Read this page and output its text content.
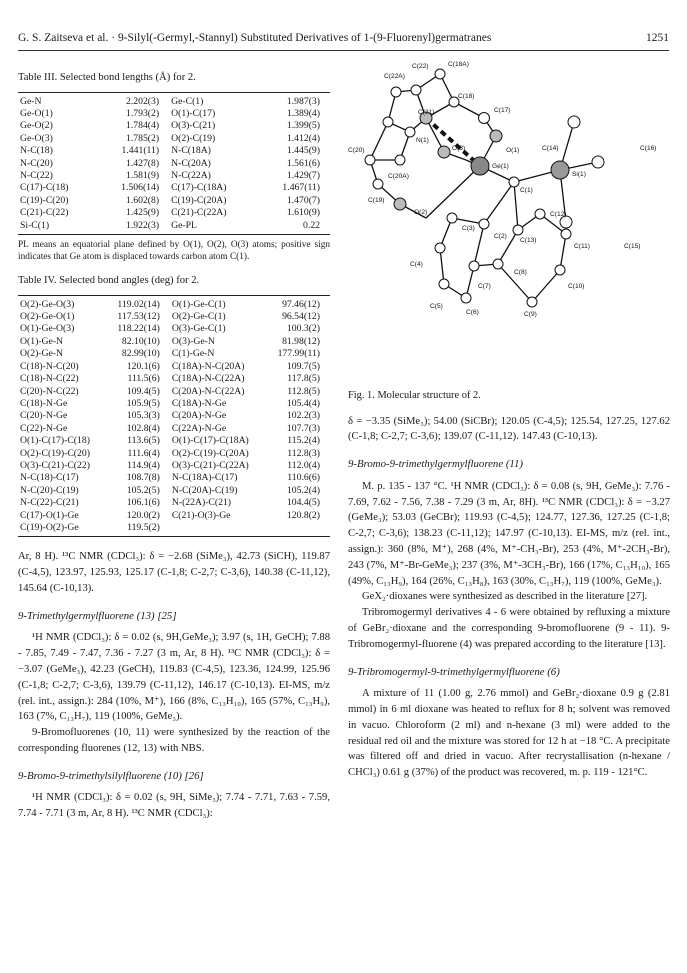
G. S. Zaitseva et al. · 9-Silyl(-Germyl,-Stannyl) Substituted Derivatives of 1-(9-Fluorenyl)germatranes	1251
Table III. Selected bond lengths (Å) for 2.
Ge-N	2.202(3)	Ge-C(1)	1.987(3)
Ge-O(1)	1.793(2)	O(1)-C(17)	1.389(4)
Ge-O(2)	1.784(4)	O(3)-C(21)	1.399(5)
Ge-O(3)	1.785(2)	O(2)-C(19)	1.412(4)
N-C(18)	1.441(11)	N-C(18A)	1.445(9)
N-C(20)	1.427(8)	N-C(20A)	1.561(6)
N-C(22)	1.581(9)	N-C(22A)	1.429(7)
C(17)-C(18)	1.506(14)	C(17)-C(18A)	1.467(11)
C(19)-C(20)	1.602(8)	C(19)-C(20A)	1.470(7)
C(21)-C(22)	1.425(9)	C(21)-C(22A)	1.610(9)
Si-C(1)	1.922(3)	Ge-PL	0.22
PL means an equatorial plane defined by O(1), O(2), O(3) atoms; positive sign indicates that Ge atom is displaced towards carbon atom C(1).
Table IV. Selected bond angles (deg) for 2.
O(2)-Ge-O(3)	119.02(14)	O(1)-Ge-C(1)	97.46(12)
O(2)-Ge-O(1)	117.53(12)	O(2)-Ge-C(1)	96.54(12)
O(1)-Ge-O(3)	118.22(14)	O(3)-Ge-C(1)	100.3(2)
O(1)-Ge-N	82.10(10)	O(3)-Ge-N	81.98(12)
O(2)-Ge-N	82.99(10)	C(1)-Ge-N	177.99(11)
C(18)-N-C(20)	120.1(6)	C(18A)-N-C(20A)	109.7(5)
C(18)-N-C(22)	111.5(6)	C(18A)-N-C(22A)	117.8(5)
C(20)-N-C(22)	109.4(5)	C(20A)-N-C(22A)	112.8(5)
C(18)-N-Ge	105.9(5)	C(18A)-N-Ge	105.4(4)
C(20)-N-Ge	105.3(3)	C(20A)-N-Ge	102.2(3)
C(22)-N-Ge	102.8(4)	C(22A)-N-Ge	107.7(3)
O(1)-C(17)-C(18)	113.6(5)	O(1)-C(17)-C(18A)	115.2(4)
O(2)-C(19)-C(20)	111.6(4)	O(2)-C(19)-C(20A)	112.8(3)
O(3)-C(21)-C(22)	114.9(4)	O(3)-C(21)-C(22A)	112.0(4)
N-C(18)-C(17)	108.7(8)	N-C(18A)-C(17)	110.6(6)
N-C(20)-C(19)	105.2(5)	N-C(20A)-C(19)	105.2(4)
N-C(22)-C(21)	106.1(6)	N-(22A)-C(21)	104.4(5)
C(17)-O(1)-Ge	120.0(2)	C(21)-O(3)-Ge	120.8(2)
C(19)-O(2)-Ge	119.5(2)		

Ar, 8 H). ¹³C NMR (CDCl₃): δ = −2.68 (SiMe₃), 42.73 (SiCH), 119.87 (C-4,5), 123.97, 125.93, 125.17 (C-1,8; C-2,7; C-3,6), 140.38 (C-11,12), 145.64 (C-10,13).

9-Trimethylgermylfluorene (13) [25]

¹H NMR (CDCl₃): δ = 0.02 (s, 9H,GeMe₃); 3.97 (s, 1H, GeCH); 7.88 - 7.85, 7.49 - 7.47, 7.36 - 7.27 (3 m, Ar, 8 H). ¹³C NMR (CDCl₃): δ = −3.07 (GeMe₃), 42.23 (GeCH), 119.83 (C-4,5), 123.36, 124.99, 125.96 (C-1,8; C-2,7; C-3,6), 139.79 (C-11,12), 146.17 (C-10,13). EI-MS, m/z (rel. int., assign.): 284 (10%, M⁺), 166 (8%, C₁₃H₁₀), 165 (57%, C₁₃H₉), 163 (7%, C₁₃H₇), 119 (100%, GeMe₃).

9-Bromofluorenes (10, 11) were synthesized by the reaction of the corresponding fluorenes (12, 13) with NBS.

9-Bromo-9-trimethylsilylfluorene (10) [26]

¹H NMR (CDCl₃): δ = 0.02 (s, 9H, SiMe₃); 7.74 - 7.71, 7.63 - 7.59, 7.74 - 7.71 (3 m, Ar, 8 H). ¹³C NMR (CDCl₃):

C(22)
C(22A)
C(18A)
C(21)
C(18)
C(17)
C(20)
N(1)
O(3)	O(1)	C(14)	C(16)
C(20A)
Ge(1)
Si(1)
C(19)
O(2)
C(1)
C(3)
C(12)
C(15)
C(2)
C(13)
C(11)
C(4)
C(8)
C(7)	C(10)
C(5)
C(6)	C(9)
Fig. 1. Molecular structure of 2.

δ = −3.35 (SiMe₃); 54.00 (SiCBr); 120.05 (C-4,5); 125.54, 127.25, 127.62 (C-1,8; C-2,7; C-3,6); 139.07 (C-11,12). 147.43 (C-10,13).

9-Bromo-9-trimethylgermylfluorene (11)

M. p. 135 - 137 °C. ¹H NMR (CDCl₃): δ = 0.08 (s, 9H, GeMe₃): 7.76 - 7.69, 7.62 - 7.56, 7.38 - 7.29 (3 m, Ar, 8H). ¹³C NMR (CDCl₃): δ = −3.27 (GeMe₃); 53.03 (GeCBr); 119.93 (C-4,5); 124.77, 127.36, 127.25 (C-1,8; C-2,7; C-3,6); 138.23 (C-11,12); 147.97 (C-10,13). EI-MS, m/z (rel. int., assign.): 360 (8%, M⁺), 268 (4%, M⁺-CH₃-Br), 253 (4%, M⁺-2CH₃-Br), 243 (7%, M⁺-Br-GeMe₃); 237 (3%, M⁺-3CH₃-Br), 166 (17%, C₁₃H₁₀), 165 (49%, C₁₃H₉), 164 (26%, C₁₃H₈), 163 (30%, C₁₃H₇), 119 (100%, GeMe₃).

GeX₂·dioxanes were synthesized as described in the literature [27].

Tribromogermyl derivatives 4 - 6 were obtained by refluxing a mixture of GeBr₂·dioxane and the corresponding 9-bromofluorene (9 - 11). 9-Tribromogermyl-fluorene (4) was prepared according to the literature [13].

9-Tribromogermyl-9-trimethylgermylfluorene (6)

A mixture of 11 (1.00 g, 2.76 mmol) and GeBr₂·dioxane 0.9 g (2.81 mmol) in 6 ml dioxane was heated to reflux for 8 h; solvent was removed in vacuo. Chloroform (2 ml) and n-hexane (3 ml) were added to the residual red oil and the mixture was stored for 12 h at −18 °C. A precipitate was filtered off and dried in vacuo. After recrystallisation (n-hexane / CHCl₃) 0.61 g (37%) of the product was recovered, m. p. 119 - 121°C.
